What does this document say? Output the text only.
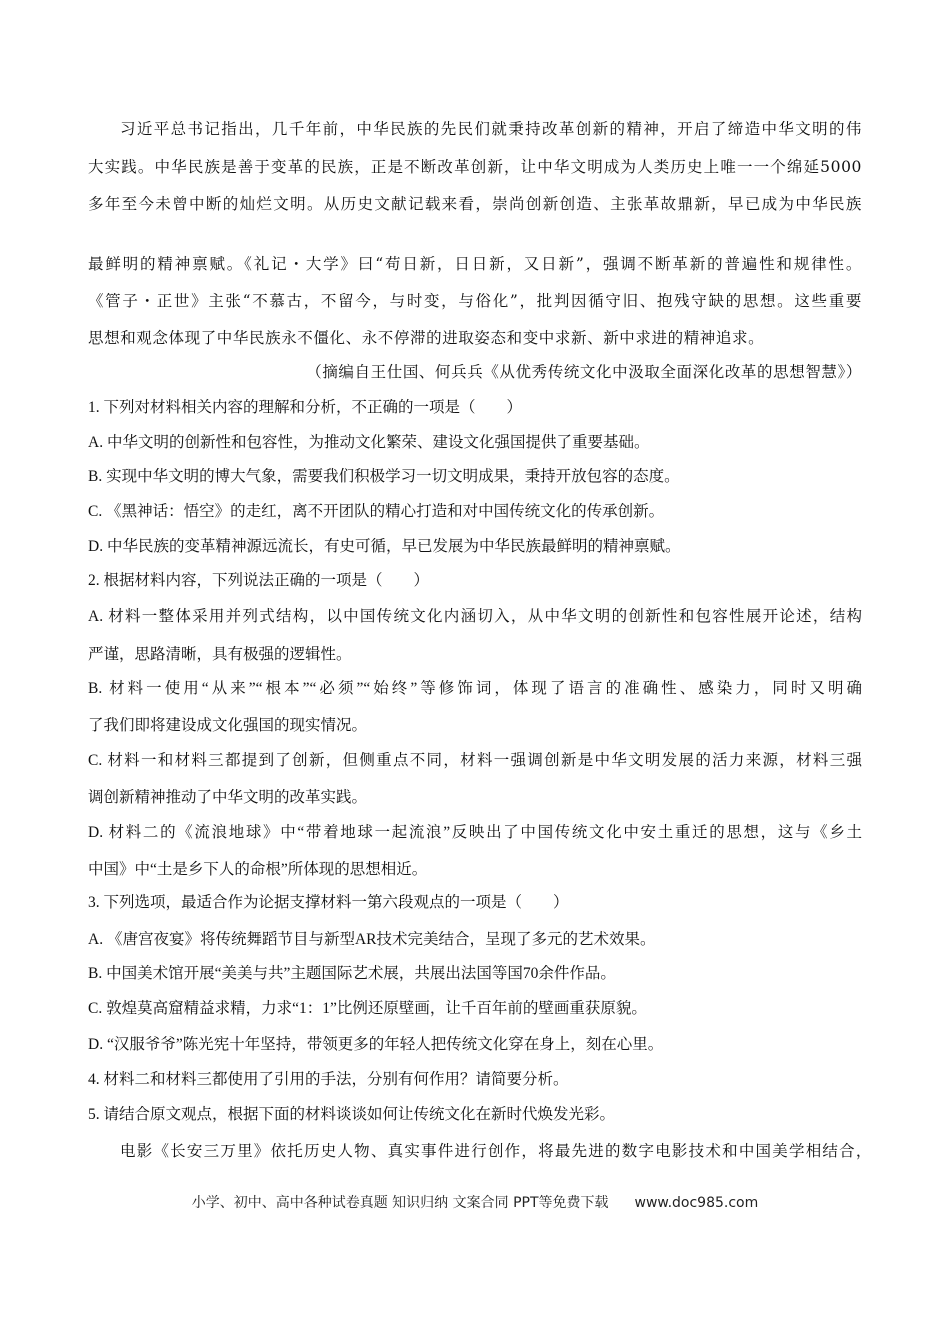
习近平总书记指出，几千年前，中华民族的先民们就秉持改革创新的精神，开启了缔造中华文明的伟
大实践。中华民族是善于变革的民族，正是不断改革创新，让中华文明成为人类历史上唯一一个绵延5000
多年至今未曾中断的灿烂文明。从历史文献记载来看，崇尚创新创造、主张革故鼎新，早已成为中华民族
最鲜明的精神禀赋。《礼记・大学》曰“苟日新，日日新，又日新”，强调不断革新的普遍性和规律性。
《管子・正世》主张“不慕古，不留今，与时变，与俗化”，批判因循守旧、抱残守缺的思想。这些重要
思想和观念体现了中华民族永不僵化、永不停滞的进取姿态和变中求新、新中求进的精神追求。
（摘编自王仕国、何兵兵《从优秀传统文化中汲取全面深化改革的思想智慧》）
1. 下列对材料相关内容的理解和分析，不正确的一项是（　　）
A. 中华文明的创新性和包容性，为推动文化繁荣、建设文化强国提供了重要基础。
B. 实现中华文明的博大气象，需要我们积极学习一切文明成果，秉持开放包容的态度。
C. 《黑神话：悟空》的走红，离不开团队的精心打造和对中国传统文化的传承创新。
D. 中华民族的变革精神源远流长，有史可循，早已发展为中华民族最鲜明的精神禀赋。
2. 根据材料内容，下列说法正确的一项是（　　）
A. 材料一整体采用并列式结构，以中国传统文化内涵切入，从中华文明的创新性和包容性展开论述，结构
严谨，思路清晰，具有极强的逻辑性。
B. 材料一使用“从来”“根本”“必须”“始终”等修饰词，体现了语言的准确性、感染力，同时又明确
了我们即将建设成文化强国的现实情况。
C. 材料一和材料三都提到了创新，但侧重点不同，材料一强调创新是中华文明发展的活力来源，材料三强
调创新精神推动了中华文明的改革实践。
D. 材料二的《流浪地球》中“带着地球一起流浪”反映出了中国传统文化中安土重迁的思想，这与《乡土
中国》中“土是乡下人的命根”所体现的思想相近。
3. 下列选项，最适合作为论据支撑材料一第六段观点的一项是（　　）
A. 《唐宫夜宴》将传统舞蹈节目与新型AR技术完美结合，呈现了多元的艺术效果。
B. 中国美术馆开展“美美与共”主题国际艺术展，共展出法国等国70余件作品。
C. 敦煌莫高窟精益求精，力求“1：1”比例还原壁画，让千百年前的壁画重获原貌。
D. “汉服爷爷”陈光宪十年坚持，带领更多的年轻人把传统文化穿在身上，刻在心里。
4. 材料二和材料三都使用了引用的手法，分别有何作用？请简要分析。
5. 请结合原文观点，根据下面的材料谈谈如何让传统文化在新时代焕发光彩。
电影《长安三万里》依托历史人物、真实事件进行创作，将最先进的数字电影技术和中国美学相结合，
小学、初中、高中各种试卷真题 知识归纳 文案合同 PPT等免费下载 www.doc985.com
